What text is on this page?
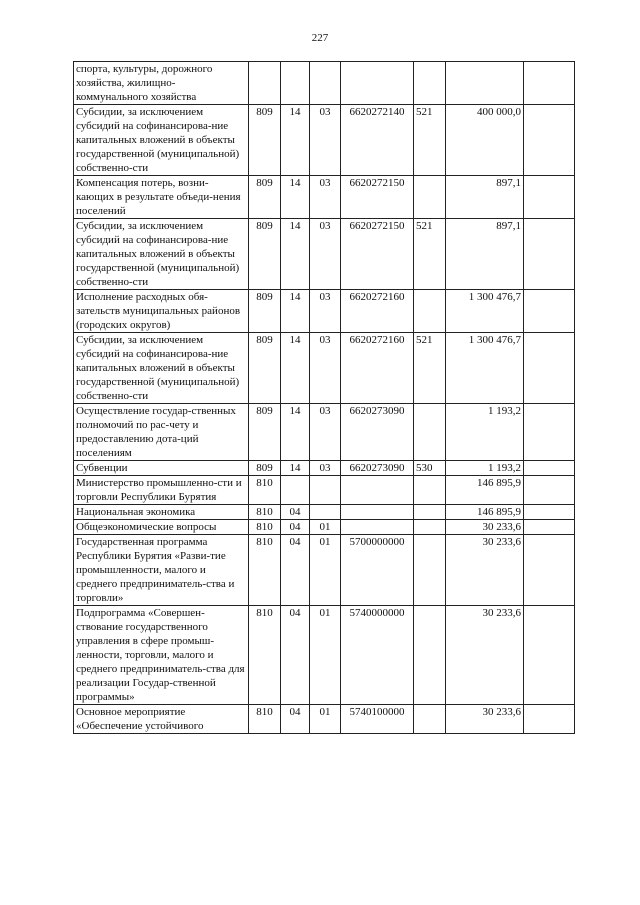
227
спорта, культуры, дорожного хозяйства, жилищно-коммунального хозяйства							
Субсидии, за исключением субсидий на софинансирова-ние капитальных вложений в объекты государственной (муниципальной) собственно-сти	809	14	03	6620272140	521	400 000,0	
Компенсация потерь, возни-кающих в результате объеди-нения поселений	809	14	03	6620272150		897,1	
Субсидии, за исключением субсидий на софинансирова-ние капитальных вложений в объекты государственной (муниципальной) собственно-сти	809	14	03	6620272150	521	897,1	
Исполнение расходных обя-зательств муниципальных районов (городских округов)	809	14	03	6620272160		1 300 476,7	
Субсидии, за исключением субсидий на софинансирова-ние капитальных вложений в объекты государственной (муниципальной) собственно-сти	809	14	03	6620272160	521	1 300 476,7	
Осуществление государ-ственных полномочий по рас-чету и предоставлению дота-ций поселениям	809	14	03	6620273090		1 193,2	
Субвенции	809	14	03	6620273090	530	1 193,2	
Министерство промышленно-сти и торговли Республики Бурятия	810					146 895,9	
Национальная экономика	810	04				146 895,9	
Общеэкономические вопросы	810	04	01			30 233,6	
Государственная программа Республики Бурятия «Разви-тие промышленности, малого и среднего предприниматель-ства и торговли»	810	04	01	5700000000		30 233,6	
Подпрограмма «Совершен-ствование государственного управления в сфере промыш-ленности, торговли, малого и среднего предприниматель-ства для реализации Государ-ственной программы»	810	04	01	5740000000		30 233,6	
Основное мероприятие «Обеспечение устойчивого	810	04	01	5740100000		30 233,6	
